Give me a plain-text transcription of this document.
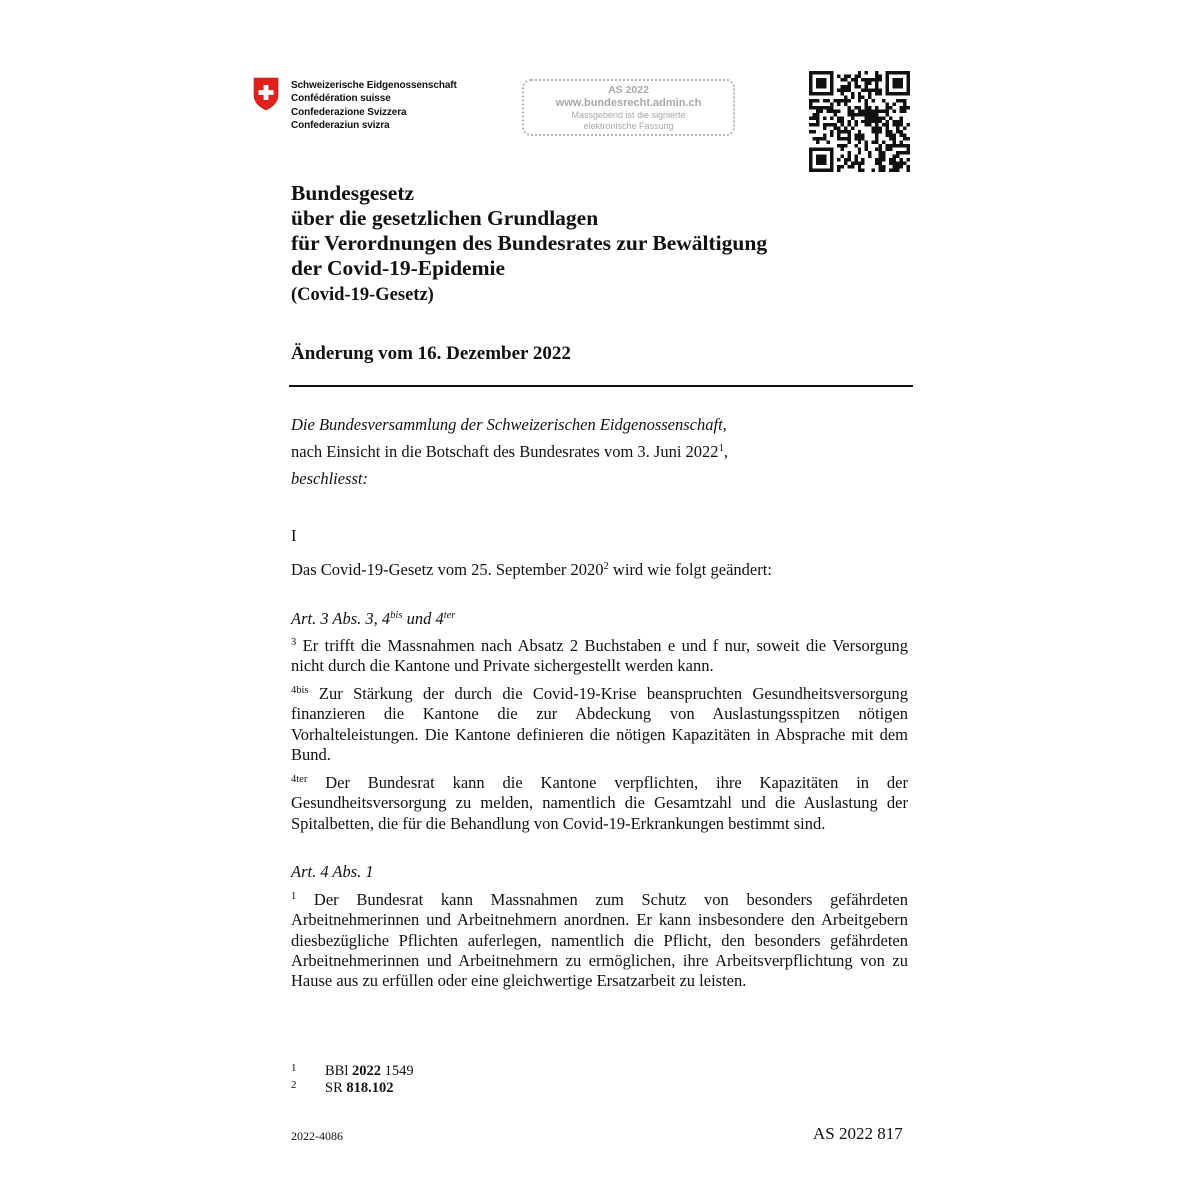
Schweizerische Eidgenossenschaft
Confédération suisse
Confederazione Svizzera
Confederaziun svizra
AS 2022
www.bundesrecht.admin.ch
Massgebend ist die signierte
elektronische Fassung
Bundesgesetz
über die gesetzlichen Grundlagen
für Verordnungen des Bundesrates zur Bewältigung
der Covid-19-Epidemie
(Covid-19-Gesetz)
Änderung vom 16. Dezember 2022
Die Bundesversammlung der Schweizerischen Eidgenossenschaft,
nach Einsicht in die Botschaft des Bundesrates vom 3. Juni 2022$^1$,
beschliesst:
I
Das Covid-19-Gesetz vom 25. September 2020$^2$ wird wie folgt geändert:
Art. 3 Abs. 3, $4^{bis}$ und $4^{ter}$

$^3$ Er trifft die Massnahmen nach Absatz 2 Buchstaben e und f nur, soweit die Versorgung nicht durch die Kantone und Private sichergestellt werden kann.

$^{4bis}$ Zur Stärkung der durch die Covid-19-Krise beanspruchten Gesundheitsversorgung finanzieren die Kantone die zur Abdeckung von Auslastungsspitzen nötigen Vorhalteleistungen. Die Kantone definieren die nötigen Kapazitäten in Absprache mit dem Bund.

$^{4ter}$ Der Bundesrat kann die Kantone verpflichten, ihre Kapazitäten in der Gesundheitsversorgung zu melden, namentlich die Gesamtzahl und die Auslastung der Spitalbetten, die für die Behandlung von Covid-19-Erkrankungen bestimmt sind.

Art. 4 Abs. 1

$^1$ Der Bundesrat kann Massnahmen zum Schutz von besonders gefährdeten Arbeitnehmerinnen und Arbeitnehmern anordnen. Er kann insbesondere den Arbeitgebern diesbezügliche Pflichten auferlegen, namentlich die Pflicht, den besonders gefährdeten Arbeitnehmerinnen und Arbeitnehmern zu ermöglichen, ihre Arbeitsverpflichtung von zu Hause aus zu erfüllen oder eine gleichwertige Ersatzarbeit zu leisten.

1 BBl 2022 1549
2 SR 818.102
2022-4086	AS 2022 817
